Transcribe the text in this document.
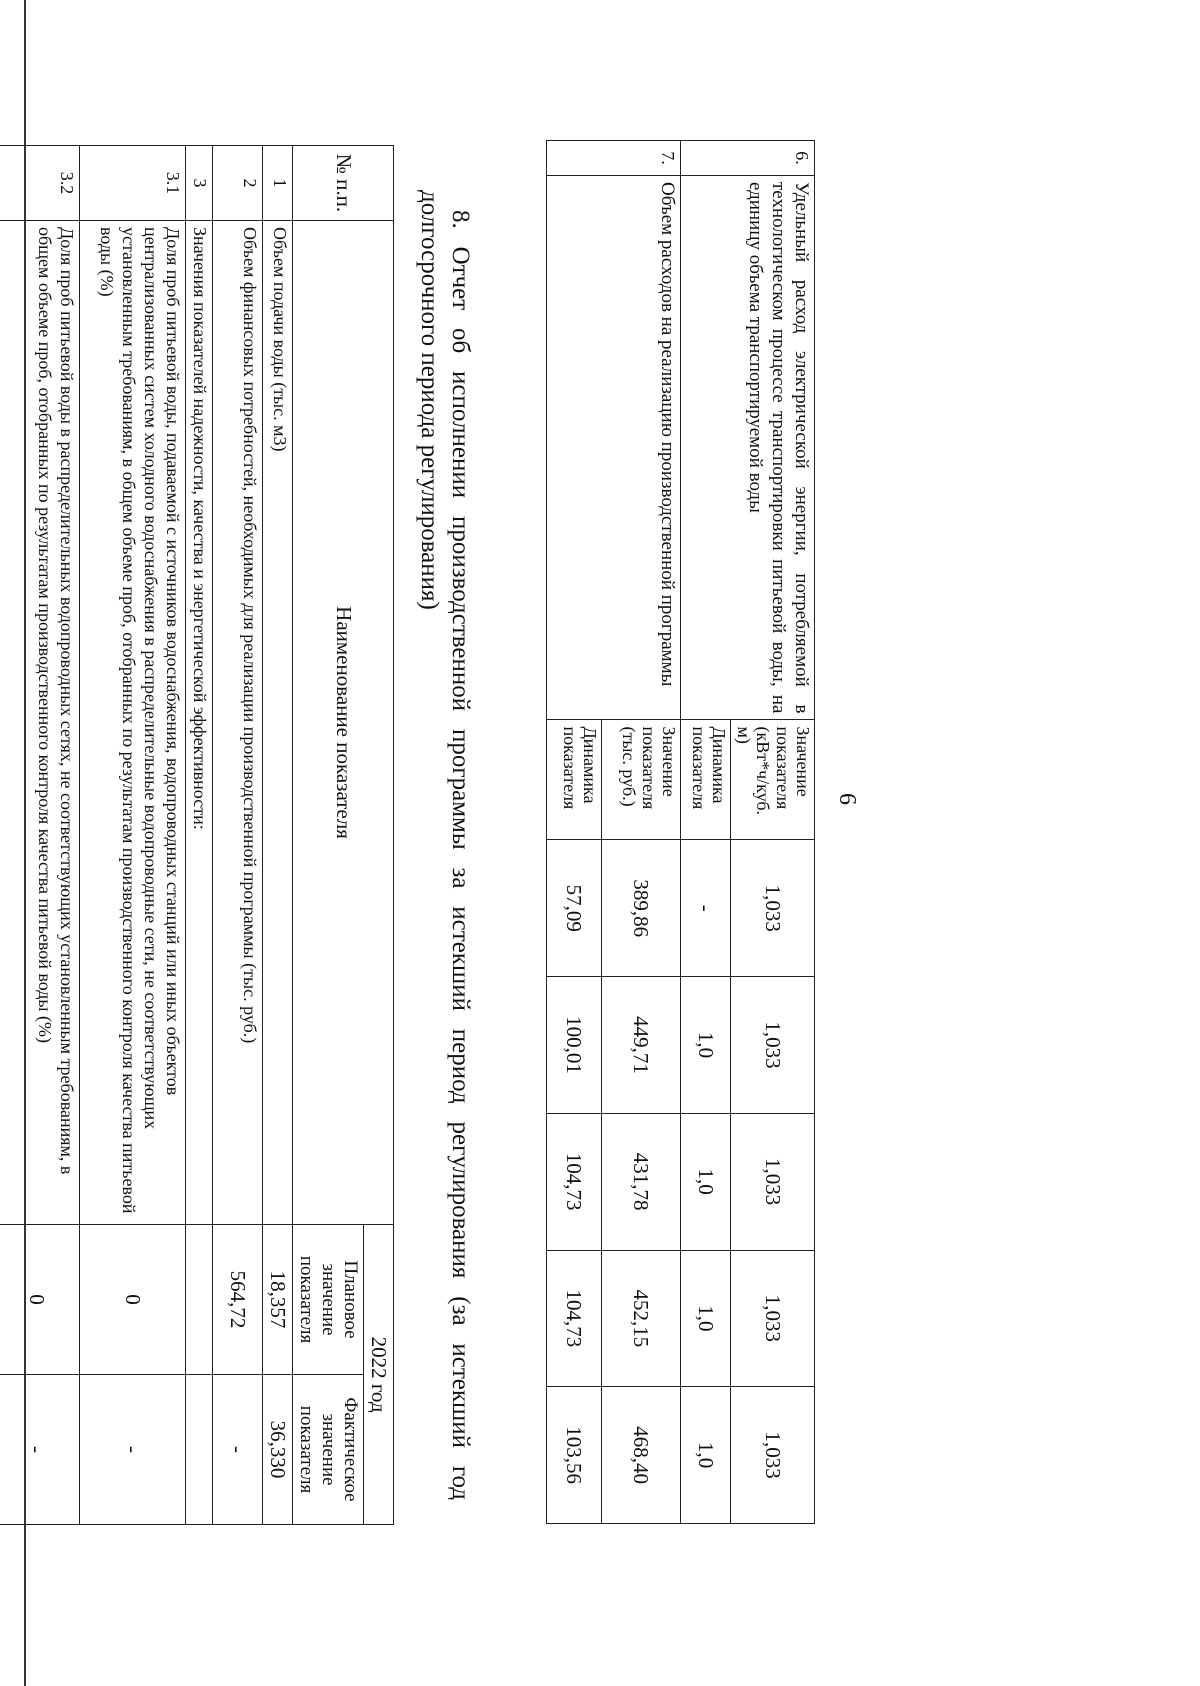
6
6.	Удельный расход электрической энергии, потребляемой в технологическом процессе транспортировки питьевой воды, на единицу объема транспортируемой воды	Значение показателя (кВт*ч/куб. м)	1,033	1,033	1,033	1,033	1,033
		Динамика показателя	-	1,0	1,0	1,0	1,0
7.	Объем расходов на реализацию производственной программы	Значение показателя (тыс. руб.)	389,86	449,71	431,78	452,15	468,40
		Динамика показателя	57,09	100,01	104,73	104,73	103,56
8. Отчет об исполнении производственной программы за истекший период регулирования (за истекший год долгосрочного периода регулирования)
№ п.п.	Наименование показателя	2022 год	
		Плановое значение показателя	Фактическое значение показателя
1	Объем подачи воды (тыс. м3)	18,357	36,330
2	Объем финансовых потребностей, необходимых для реализации производственной программы (тыс. руб.)	564,72	-
3	Значения показателей надежности, качества и энергетической эффективности:		
3.1	Доля проб питьевой воды, подаваемой с источников водоснабжения, водопроводных станций или иных объектов централизованных систем холодного водоснабжения в распределительные водопроводные сети, не соответствующих установленным требованиям, в общем объеме проб, отобранных по результатам производственного контроля качества питьевой воды (%)	0	-
3.2	Доля проб питьевой воды в распределительных водопроводных сетях, не соответствующих установленным требованиям, в общем объеме проб, отобранных по результатам производственного контроля качества питьевой воды (%)	0	-
